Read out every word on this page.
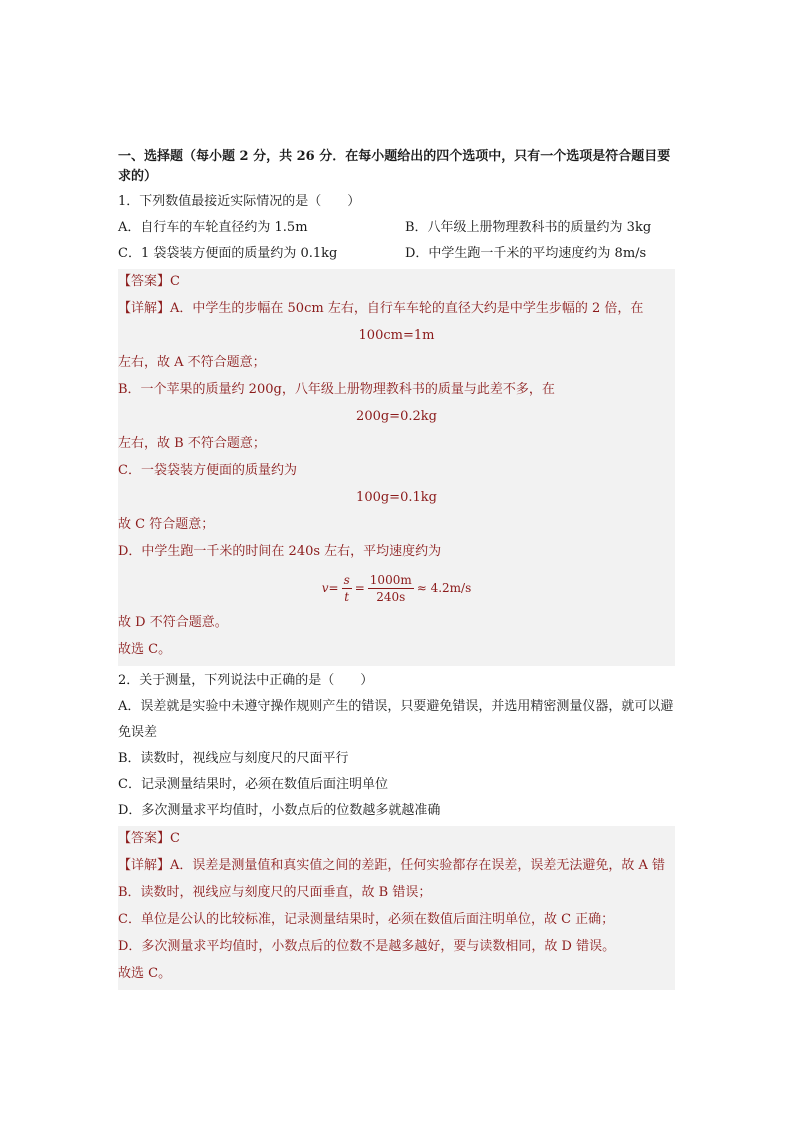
一、选择题（每小题 2 分，共 26 分．在每小题给出的四个选项中，只有一个选项是符合题目要求的）
1．下列数值最接近实际情况的是（　　）
A．自行车的车轮直径约为 1.5m	B．八年级上册物理教科书的质量约为 3kg
C．1 袋袋装方便面的质量约为 0.1kg	D．中学生跑一千米的平均速度约为 8m/s
【答案】C
【详解】A．中学生的步幅在 50cm 左右，自行车车轮的直径大约是中学生步幅的 2 倍，在
100cm=1m
左右，故 A 不符合题意；
B．一个苹果的质量约 200g，八年级上册物理教科书的质量与此差不多，在
200g=0.2kg
左右，故 B 不符合题意；
C．一袋袋装方便面的质量约为
100g=0.1kg
故 C 符合题意；
D．中学生跑一千米的时间在 240s 左右，平均速度约为
$v= \frac{s}{t} = \frac{1000m}{240s} \approx 4.2m/s$
故 D 不符合题意。
故选 C。
2．关于测量，下列说法中正确的是（　　）
A．误差就是实验中未遵守操作规则产生的错误，只要避免错误，并选用精密测量仪器，就可以避免误差
B．读数时，视线应与刻度尺的尺面平行
C．记录测量结果时，必须在数值后面注明单位
D．多次测量求平均值时，小数点后的位数越多就越准确
【答案】C
【详解】A．误差是测量值和真实值之间的差距，任何实验都存在误差，误差无法避免，故 A 错
B．读数时，视线应与刻度尺的尺面垂直，故 B 错误；
C．单位是公认的比较标准，记录测量结果时，必须在数值后面注明单位，故 C 正确；
D．多次测量求平均值时，小数点后的位数不是越多越好，要与读数相同，故 D 错误。
故选 C。
